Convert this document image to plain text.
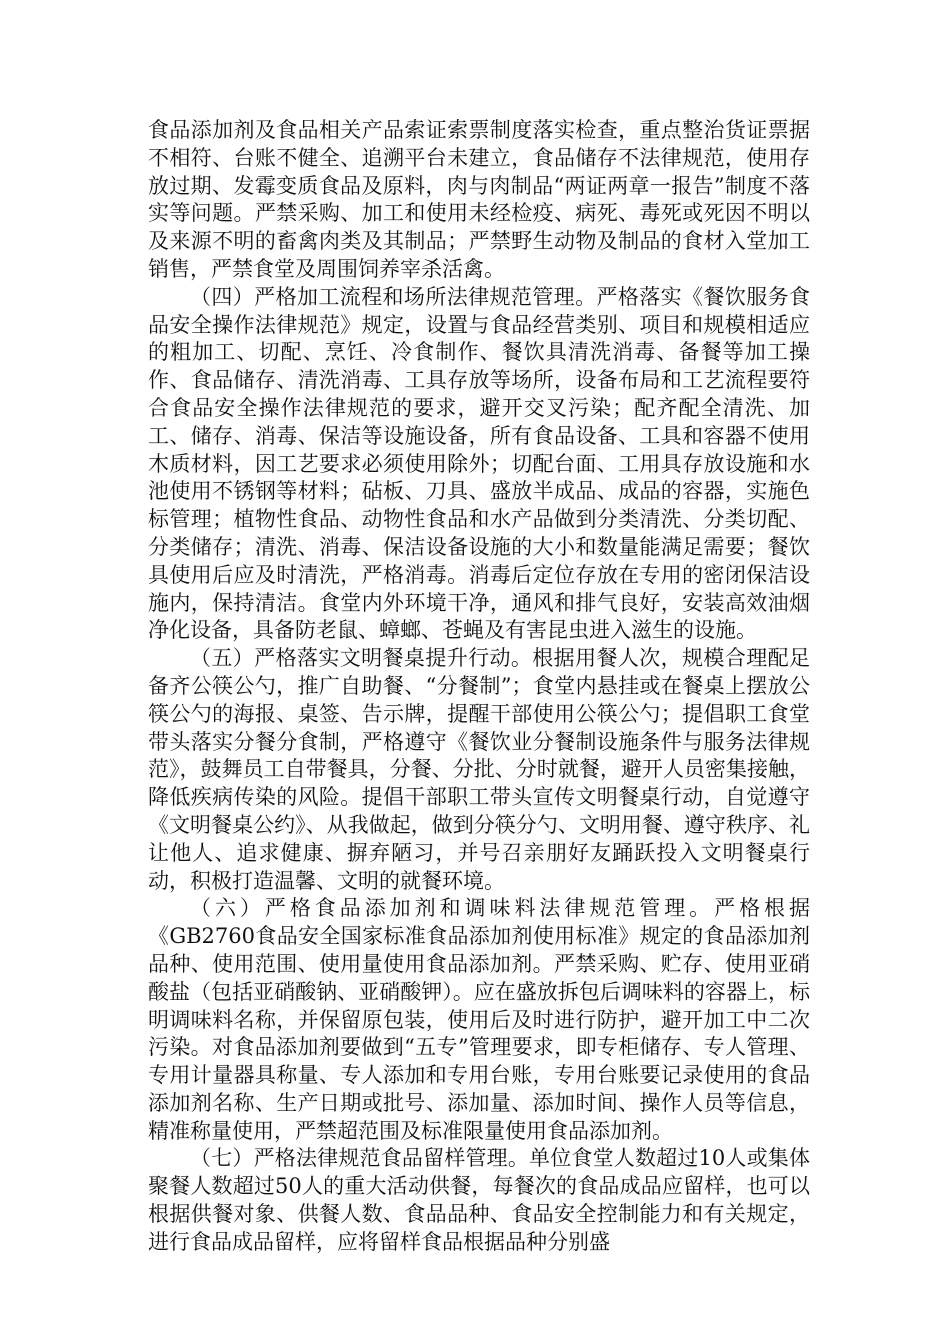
食品添加剂及食品相关产品索证索票制度落实检查，重点整治货证票据不相符、台账不健全、追溯平台未建立，食品储存不法律规范，使用存放过期、发霉变质食品及原料，肉与肉制品“两证两章一报告”制度不落实等问题。严禁采购、加工和使用未经检疫、病死、毒死或死因不明以及来源不明的畜禽肉类及其制品；严禁野生动物及制品的食材入堂加工销售，严禁食堂及周围饲养宰杀活禽。

（四）严格加工流程和场所法律规范管理。严格落实《餐饮服务食品安全操作法律规范》规定，设置与食品经营类别、项目和规模相适应的粗加工、切配、烹饪、冷食制作、餐饮具清洗消毒、备餐等加工操作、食品储存、清洗消毒、工具存放等场所，设备布局和工艺流程要符合食品安全操作法律规范的要求，避开交叉污染；配齐配全清洗、加工、储存、消毒、保洁等设施设备，所有食品设备、工具和容器不使用木质材料，因工艺要求必须使用除外；切配台面、工用具存放设施和水池使用不锈钢等材料；砧板、刀具、盛放半成品、成品的容器，实施色标管理；植物性食品、动物性食品和水产品做到分类清洗、分类切配、分类储存；清洗、消毒、保洁设备设施的大小和数量能满足需要；餐饮具使用后应及时清洗，严格消毒。消毒后定位存放在专用的密闭保洁设施内，保持清洁。食堂内外环境干净，通风和排气良好，安装高效油烟净化设备，具备防老鼠、蟑螂、苍蝇及有害昆虫进入滋生的设施。

（五）严格落实文明餐桌提升行动。根据用餐人次，规模合理配足备齐公筷公勺，推广自助餐、“分餐制”；食堂内悬挂或在餐桌上摆放公筷公勺的海报、桌签、告示牌，提醒干部使用公筷公勺；提倡职工食堂带头落实分餐分食制，严格遵守《餐饮业分餐制设施条件与服务法律规范》，鼓舞员工自带餐具，分餐、分批、分时就餐，避开人员密集接触，降低疾病传染的风险。提倡干部职工带头宣传文明餐桌行动，自觉遵守《文明餐桌公约》、从我做起，做到分筷分勺、文明用餐、遵守秩序、礼让他人、追求健康、摒弃陋习，并号召亲朋好友踊跃投入文明餐桌行动，积极打造温馨、文明的就餐环境。

（六）严格食品添加剂和调味料法律规范管理。严格根据《GB2760食品安全国家标准食品添加剂使用标准》规定的食品添加剂品种、使用范围、使用量使用食品添加剂。严禁采购、贮存、使用亚硝酸盐（包括亚硝酸钠、亚硝酸钾）。应在盛放拆包后调味料的容器上，标明调味料名称，并保留原包装，使用后及时进行防护，避开加工中二次污染。对食品添加剂要做到“五专”管理要求，即专柜储存、专人管理、专用计量器具称量、专人添加和专用台账，专用台账要记录使用的食品添加剂名称、生产日期或批号、添加量、添加时间、操作人员等信息，精准称量使用，严禁超范围及标准限量使用食品添加剂。

（七）严格法律规范食品留样管理。单位食堂人数超过10人或集体聚餐人数超过50人的重大活动供餐，每餐次的食品成品应留样，也可以根据供餐对象、供餐人数、食品品种、食品安全控制能力和有关规定，进行食品成品留样，应将留样食品根据品种分别盛
